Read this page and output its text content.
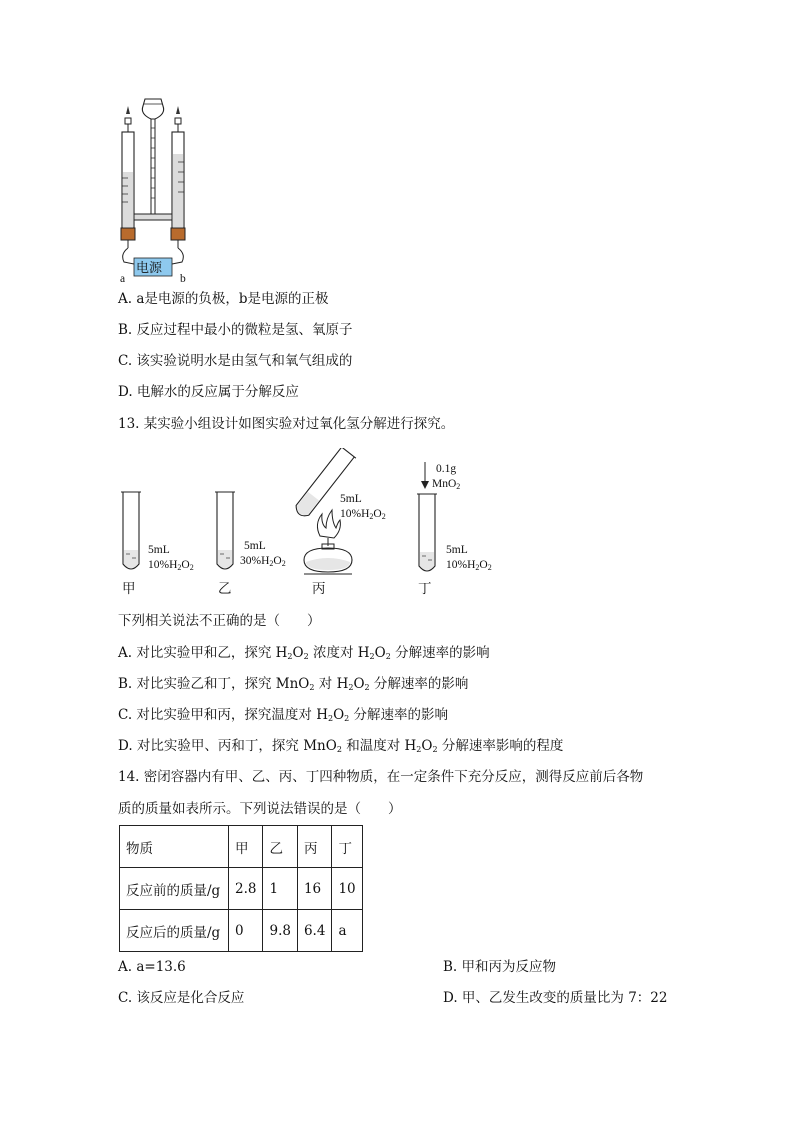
电源
a	b
A. a是电源的负极，b是电源的正极
B. 反应过程中最小的微粒是氢、氧原子
C. 该实验说明水是由氢气和氧气组成的
D. 电解水的反应属于分解反应
13. 某实验小组设计如图实验对过氧化氢分解进行探究。
5mL
$10\%H_2O_2$
甲
5mL
$30\%H_2O_2$
乙
5mL
$10\%H_2O_2$
丙
0.1g
MnO$_2$
5mL
$10\%H_2O_2$
丁
下列相关说法不正确的是（　　）
A. 对比实验甲和乙，探究 $H_2O_2$ 浓度对 $H_2O_2$ 分解速率的影响
B. 对比实验乙和丁，探究 MnO$_2$ 对 $H_2O_2$ 分解速率的影响
C. 对比实验甲和丙，探究温度对 $H_2O_2$ 分解速率的影响
D. 对比实验甲、丙和丁，探究 MnO$_2$ 和温度对 $H_2O_2$ 分解速率影响的程度
14. 密闭容器内有甲、乙、丙、丁四种物质，在一定条件下充分反应，测得反应前后各物
质的质量如表所示。下列说法错误的是（　　）
物质	甲	乙	丙	丁
反应前的质量/g	2.8	1	16	10
反应后的质量/g	0	9.8	6.4	a
A. a=13.6	B. 甲和丙为反应物
C. 该反应是化合反应	D. 甲、乙发生改变的质量比为 7：22
